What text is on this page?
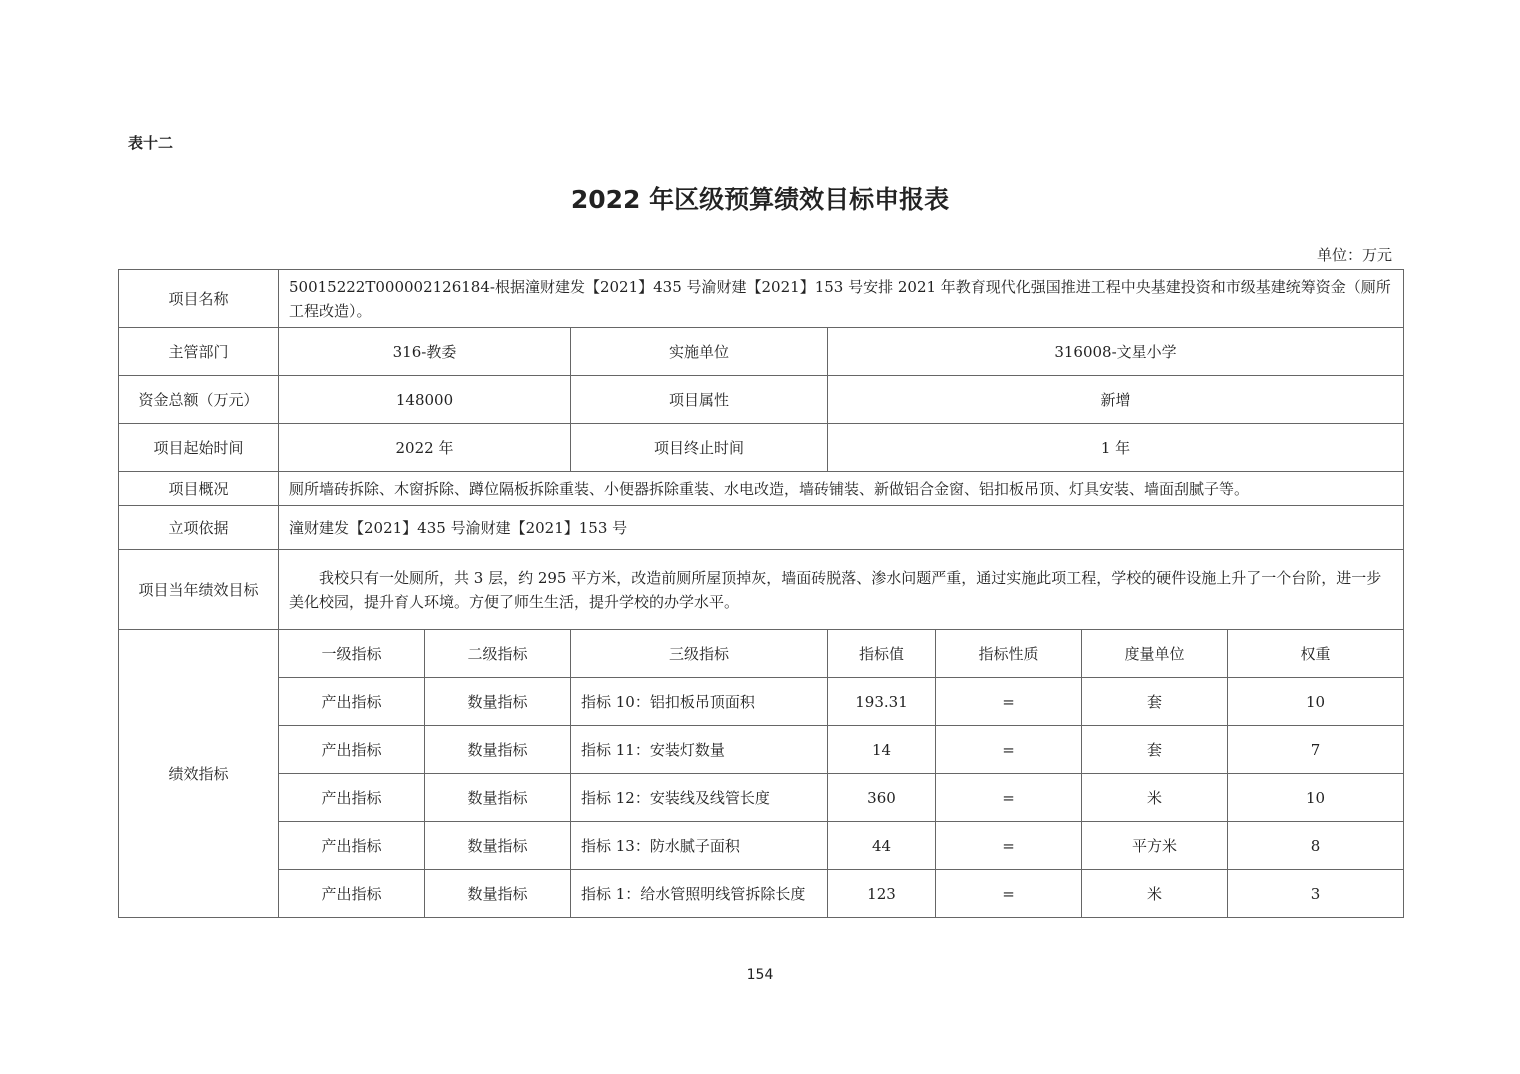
表十二
2022 年区级预算绩效目标申报表
单位：万元
项目名称	50015222T000002126184-根据潼财建发【2021】435 号渝财建【2021】153 号安排 2021 年教育现代化强国推进工程中央基建投资和市级基建统筹资金（厕所工程改造）。						
主管部门	316-教委		实施单位	316008-文星小学			
资金总额（万元）	148000		项目属性	新增			
项目起始时间	2022 年		项目终止时间	1 年			
项目概况	厕所墙砖拆除、木窗拆除、蹲位隔板拆除重装、小便器拆除重装、水电改造，墙砖铺装、新做铝合金窗、铝扣板吊顶、灯具安装、墙面刮腻子等。						
立项依据	潼财建发【2021】435 号渝财建【2021】153 号						
项目当年绩效目标	我校只有一处厕所，共 3 层，约 295 平方米，改造前厕所屋顶掉灰，墙面砖脱落、渗水问题严重，通过实施此项工程，学校的硬件设施上升了一个台阶，进一步美化校园，提升育人环境。方便了师生生活，提升学校的办学水平。						
绩效指标	一级指标	二级指标	三级指标	指标值	指标性质	度量单位	权重
	产出指标	数量指标	指标 10：铝扣板吊顶面积	193.31	=	套	10
	产出指标	数量指标	指标 11：安装灯数量	14	=	套	7
	产出指标	数量指标	指标 12：安装线及线管长度	360	=	米	10
	产出指标	数量指标	指标 13：防水腻子面积	44	=	平方米	8
	产出指标	数量指标	指标 1：给水管照明线管拆除长度	123	=	米	3
154
